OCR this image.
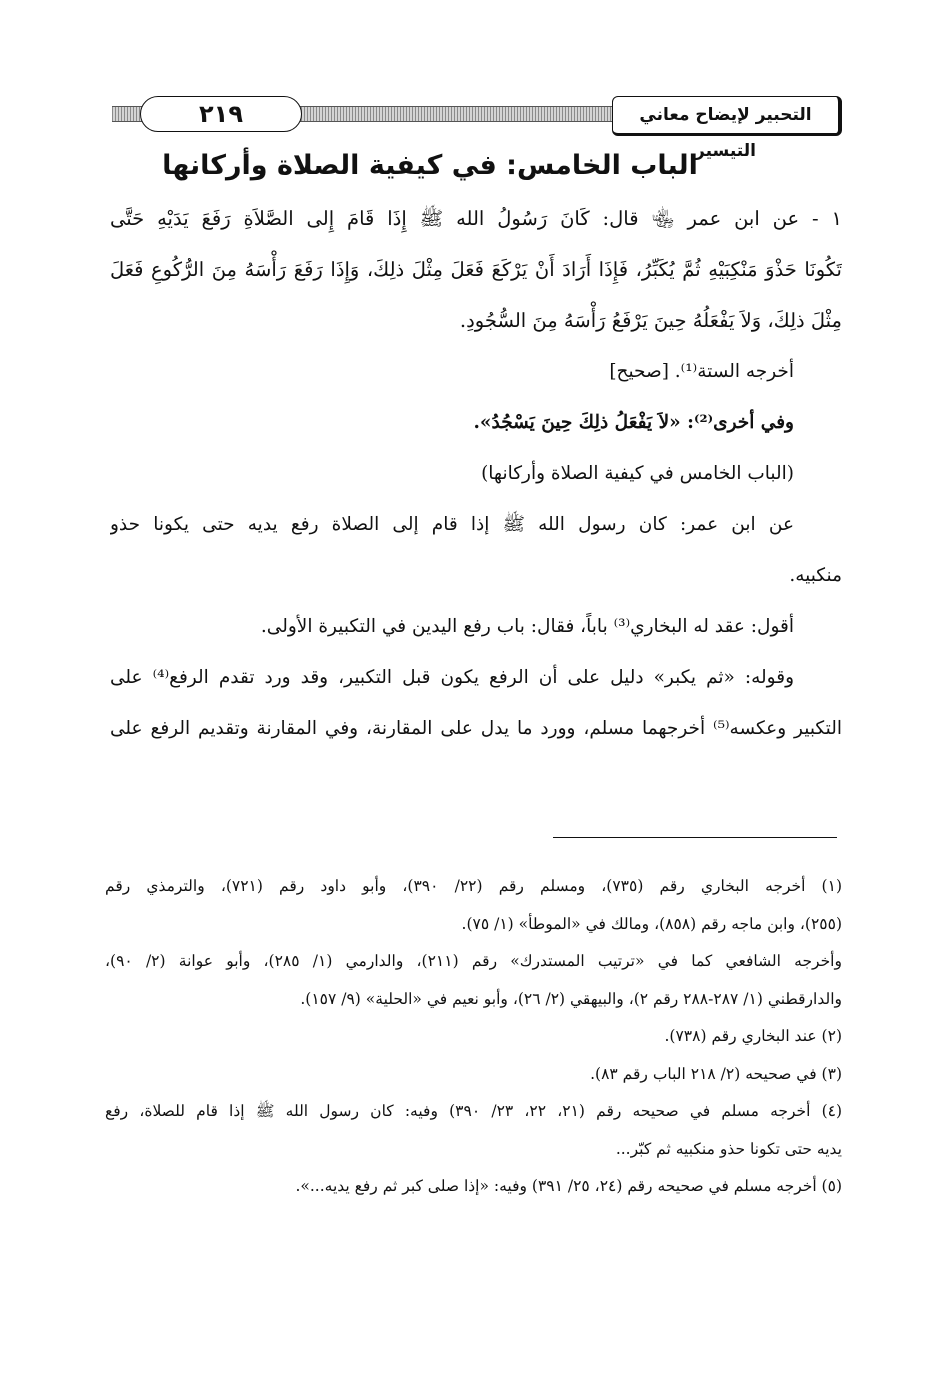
٢١٩	التحبير لإيضاح معاني التيسير
الباب الخامس: في كيفية الصلاة وأركانها
١ - عن ابن عمر ﵄ قال: كَانَ رَسُولُ الله ﷺ إِذَا قَامَ إِلى الصَّلاَةِ رَفَعَ يَدَيْهِ حَتَّى
تَكُونَا حَذْوَ مَنْكِبَيْهِ ثُمَّ يُكَبِّرُ، فَإِذَا أَرَادَ أَنْ يَرْكَعَ فَعَلَ مِثْلَ ذلِكَ، وَإِذَا رَفَعَ رَأْسَهُ مِنَ الرُّكُوعِ فَعَلَ
مِثْلَ ذلِكَ، وَلاَ يَفْعَلُهُ حِينَ يَرْفَعُ رَأْسَهُ مِنَ السُّجُودِ.
أخرجه الستة⁽¹⁾. [صحيح]
وفي أخرى⁽²⁾: «لاَ يَفْعَلُ ذلِكَ حِينَ يَسْجُدُ».
(الباب الخامس في كيفية الصلاة وأركانها)
عن ابن عمر: كان رسول الله ﷺ إذا قام إلى الصلاة رفع يديه حتى يكونا حذو
منكبيه.
أقول: عقد له البخاري⁽³⁾ باباً، فقال: باب رفع اليدين في التكبيرة الأولى.
وقوله: «ثم يكبر» دليل على أن الرفع يكون قبل التكبير، وقد ورد تقدم الرفع⁽⁴⁾ على
التكبير وعكسه⁽⁵⁾ أخرجهما مسلم، وورد ما يدل على المقارنة، وفي المقارنة وتقديم الرفع على
(١) أخرجه البخاري رقم (٧٣٥)، ومسلم رقم (٢٢/ ٣٩٠)، وأبو داود رقم (٧٢١)، والترمذي رقم
(٢٥٥)، وابن ماجه رقم (٨٥٨)، ومالك في «الموطأ» (١/ ٧٥).
وأخرجه الشافعي كما في «ترتيب المستدرك» رقم (٢١١)، والدارمي (١/ ٢٨٥)، وأبو عوانة (٢/ ٩٠)،
والدارقطني (١/ ٢٨٧-٢٨٨ رقم ٢)، والبيهقي (٢/ ٢٦)، وأبو نعيم في «الحلية» (٩/ ١٥٧).
(٢) عند البخاري رقم (٧٣٨).
(٣) في صحيحه (٢/ ٢١٨ الباب رقم ٨٣).
(٤) أخرجه مسلم في صحيحه رقم (٢١، ٢٢، ٢٣/ ٣٩٠) وفيه: كان رسول الله ﷺ إذا قام للصلاة، رفع
يديه حتى تكونا حذو منكبيه ثم كبّر...
(٥) أخرجه مسلم في صحيحه رقم (٢٤، ٢٥/ ٣٩١) وفيه: «إذا صلى كبر ثم رفع يديه...».
